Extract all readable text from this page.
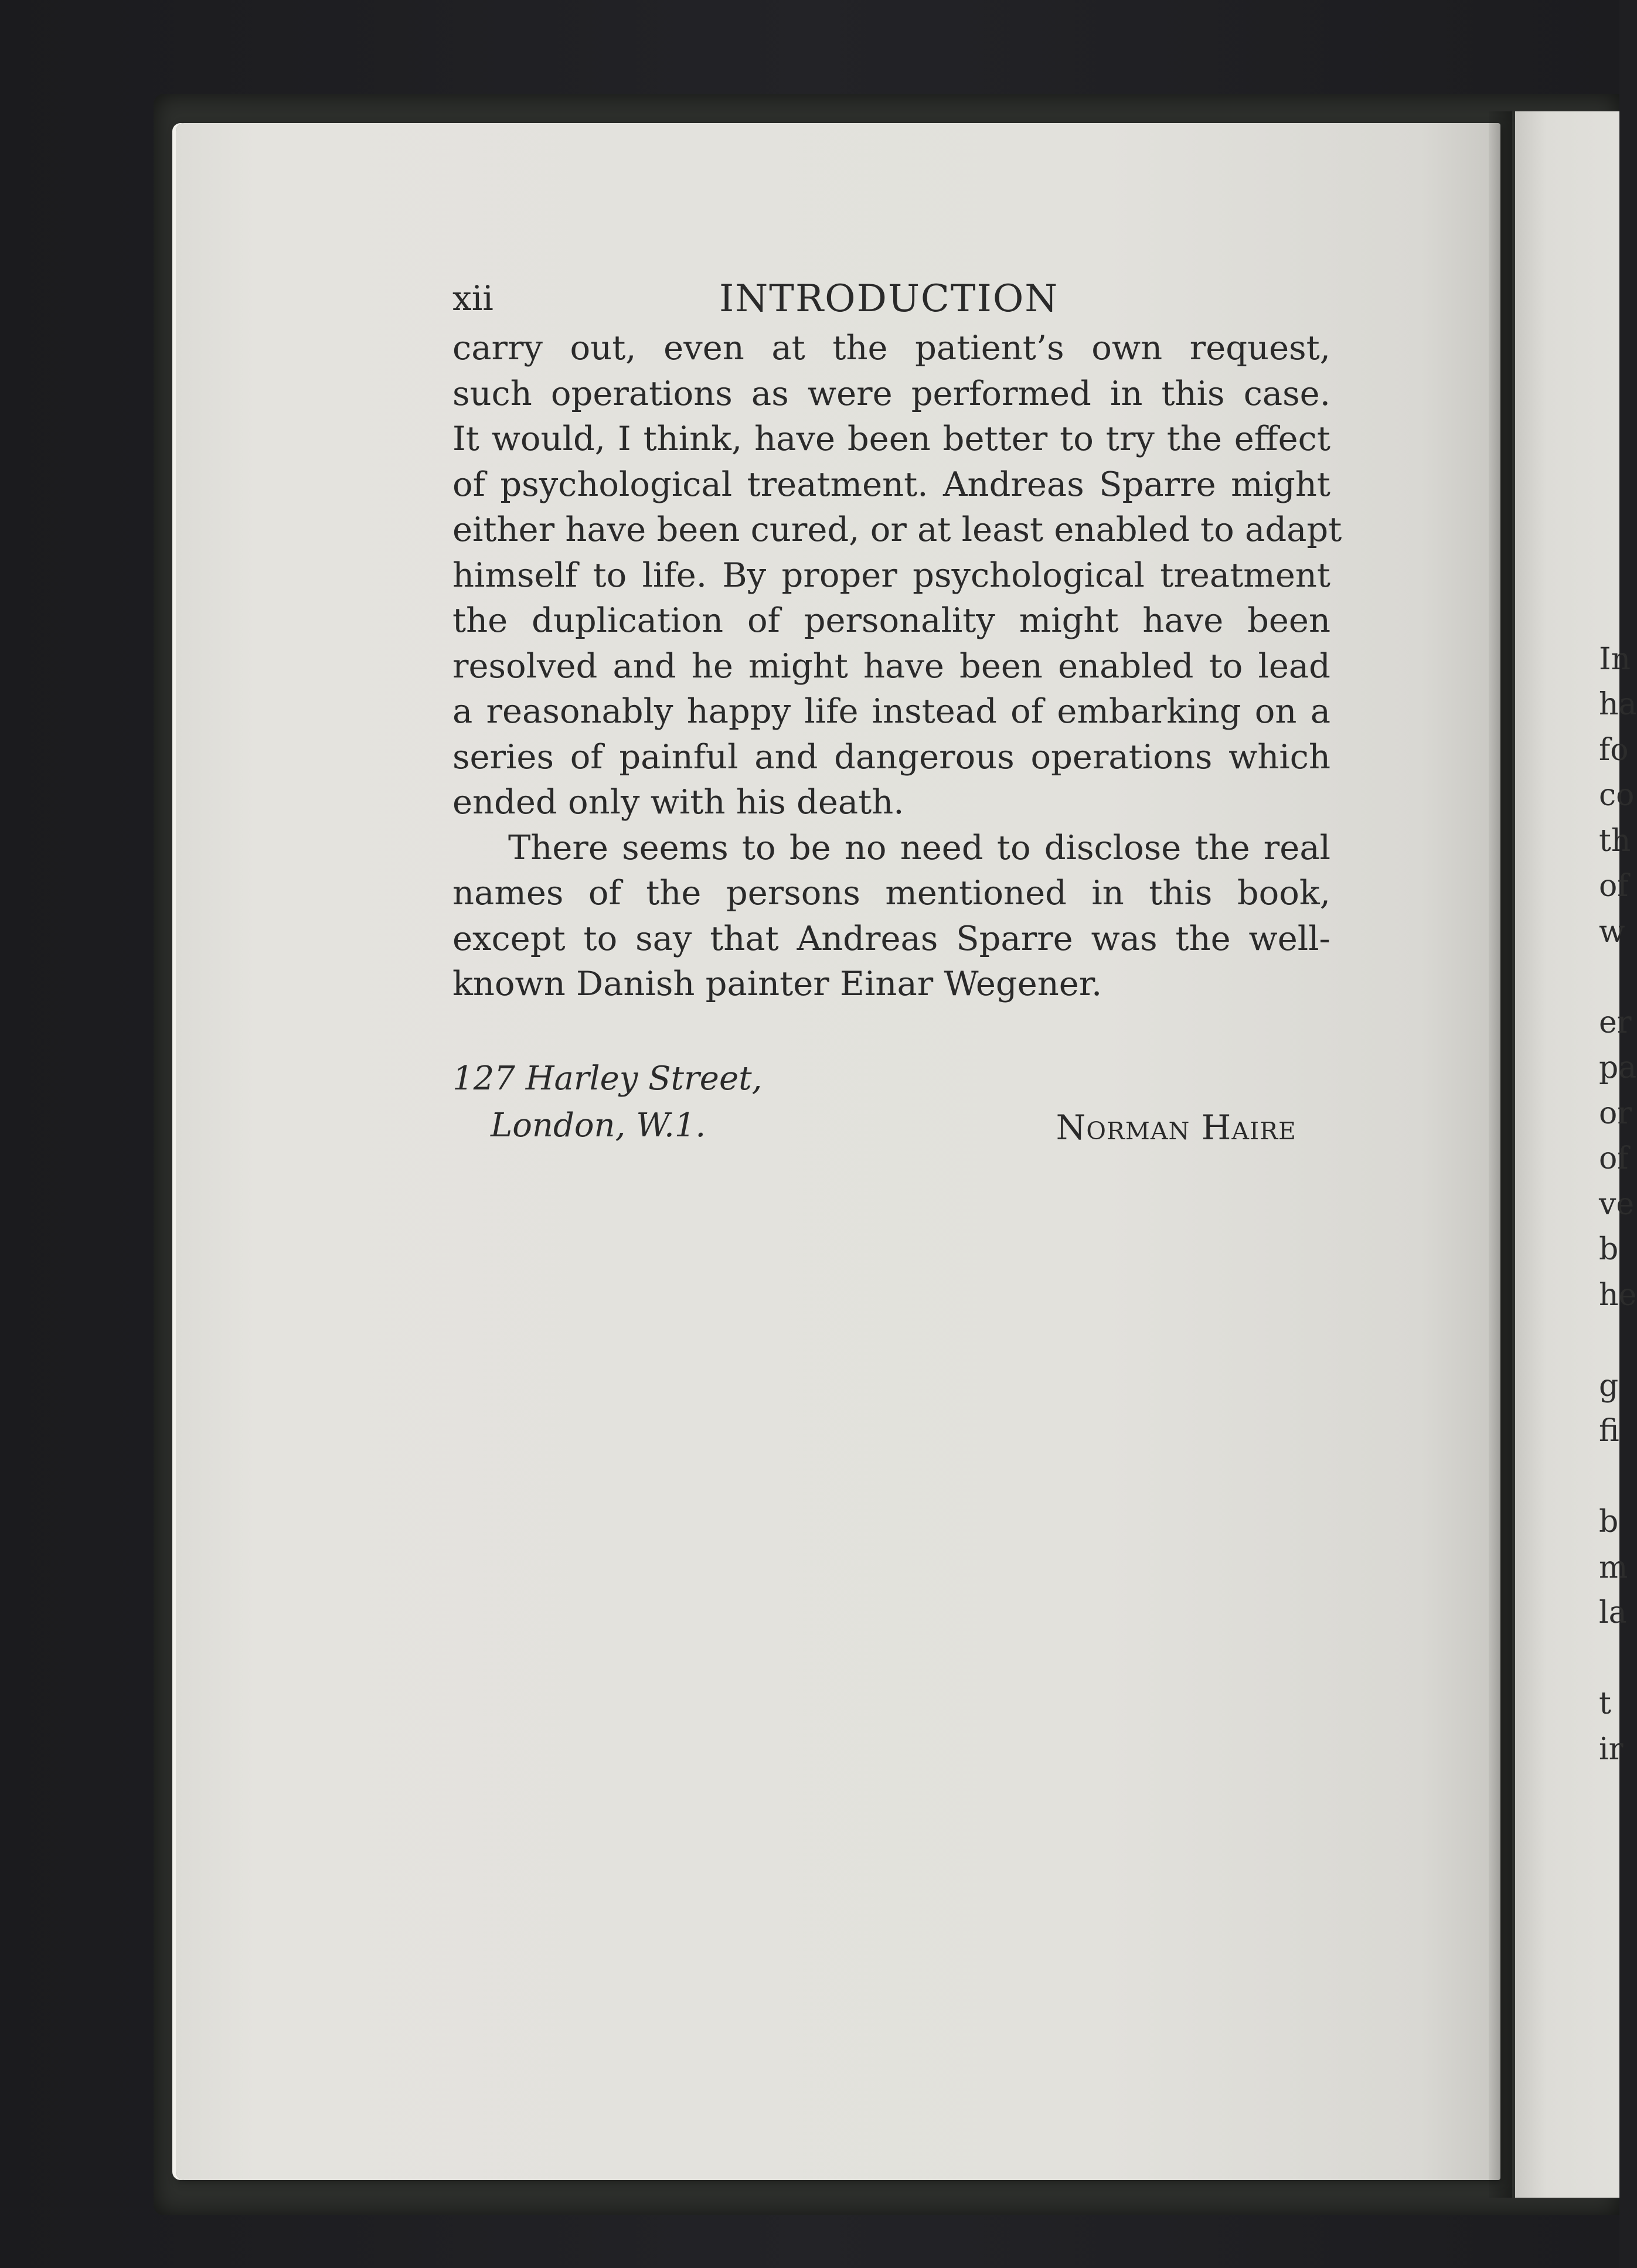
xii	INTRODUCTION

carry out, even at the patient’s own request,
such operations as were performed in this case.
It would, I think, have been better to try the effect
of psychological treatment. Andreas Sparre might
either have been cured, or at least enabled to adapt
himself to life. By proper psychological treatment
the duplication of personality might have been
resolved and he might have been enabled to lead
a reasonably happy life instead of embarking on a
series of painful and dangerous operations which
ended only with his death.

There seems to be no need to disclose the real
names of the persons mentioned in this book,
except to say that Andreas Sparre was the well-
known Danish painter Einar Wegener.

127 Harley Street,
London, W.1.	Norman Haire
In
ha
fo
co
th
of
w
er
pa
or
of
ve
b
he
g
fi
b
m
la
t
ir
